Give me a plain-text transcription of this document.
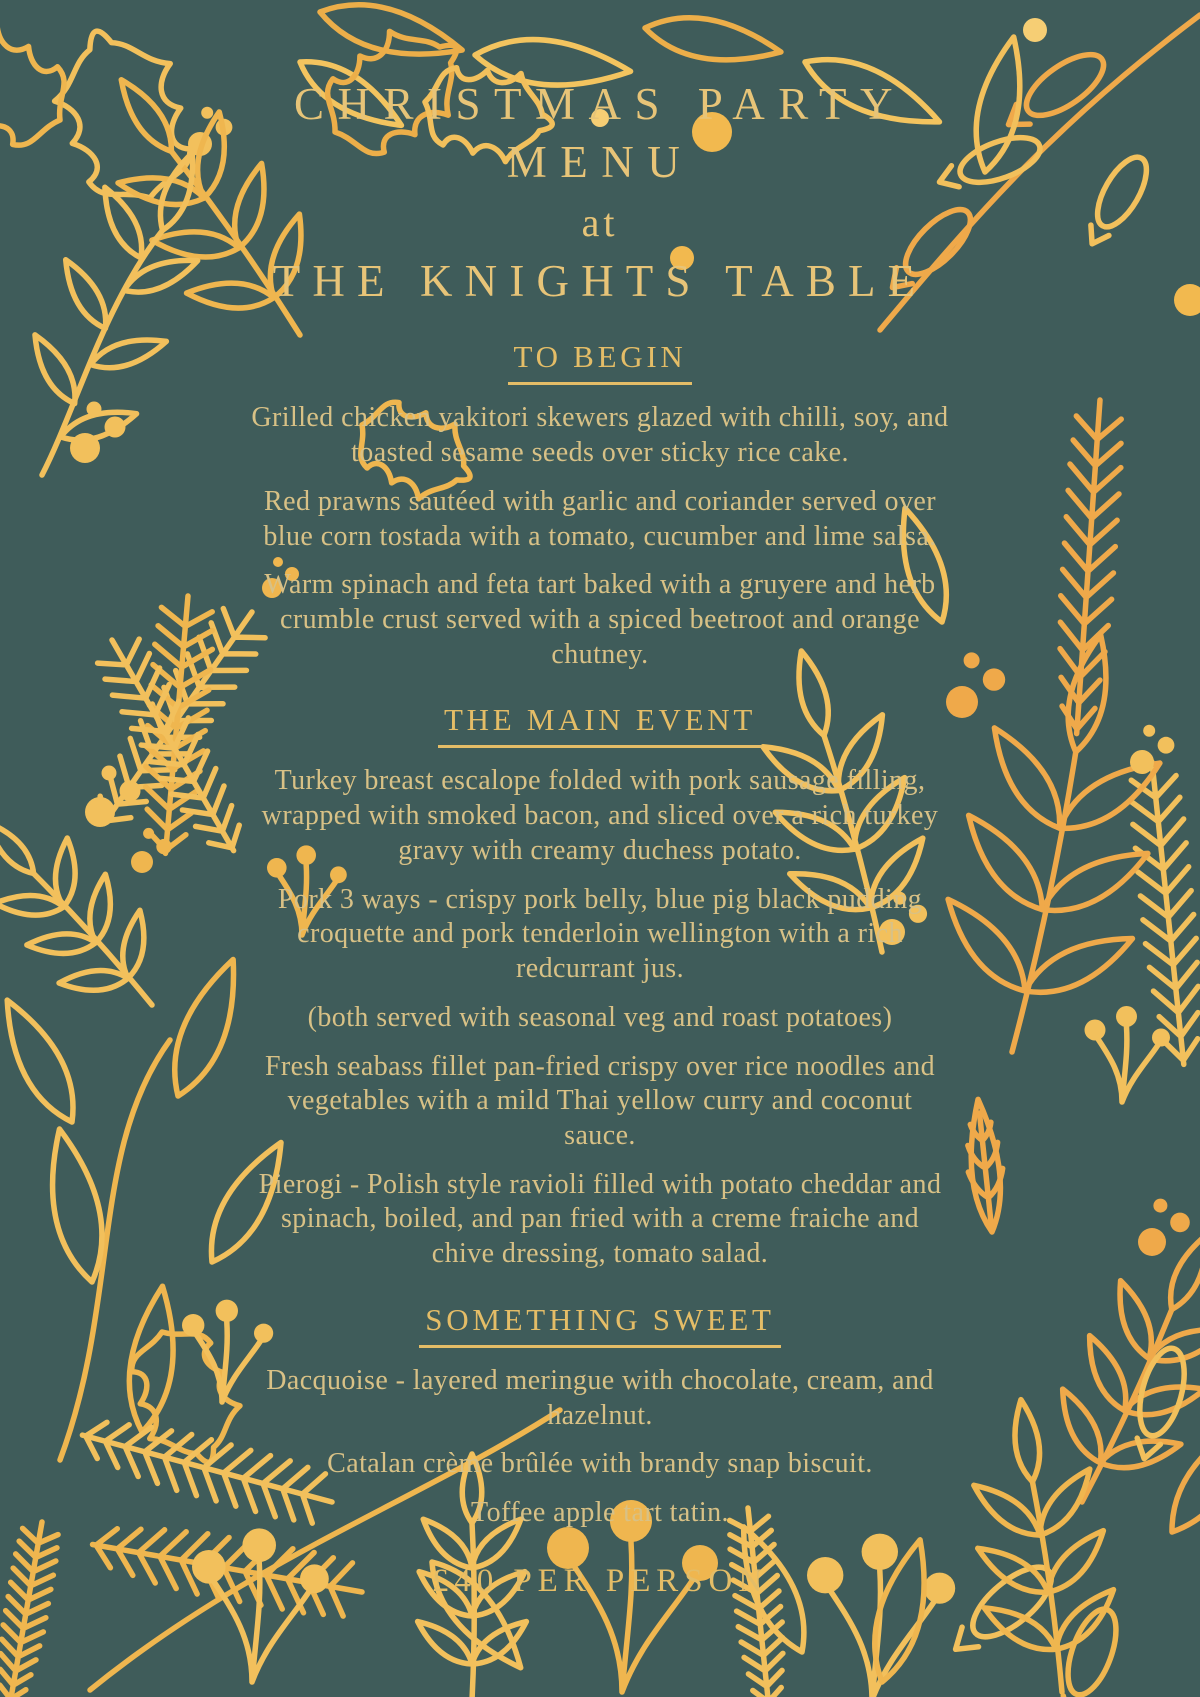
CHRISTMAS PARTY
MENU
at
THE KNIGHTS TABLE
TO BEGIN

Grilled chicken yakitori skewers glazed with chilli, soy, and toasted sesame seeds over sticky rice cake.

Red prawns sautéed with garlic and coriander served over blue corn tostada with a tomato, cucumber and lime salsa.

Warm spinach and feta tart baked with a gruyere and herb crumble crust served with a spiced beetroot and orange chutney.

THE MAIN EVENT

Turkey breast escalope folded with pork sausage filling, wrapped with smoked bacon, and sliced over a rich turkey gravy with creamy duchess potato.

Pork 3 ways - crispy pork belly, blue pig black pudding croquette and pork tenderloin wellington with a rich redcurrant jus.

(both served with seasonal veg and roast potatoes)

Fresh seabass fillet pan-fried crispy over rice noodles and vegetables with a mild Thai yellow curry and coconut sauce.

Pierogi - Polish style ravioli filled with potato cheddar and spinach, boiled, and pan fried with a creme fraiche and chive dressing, tomato salad.

SOMETHING SWEET

Dacquoise - layered meringue with chocolate, cream, and hazelnut.

Catalan crème brûlée with brandy snap biscuit.

Toffee apple tart tatin.

£40 PER PERSON
